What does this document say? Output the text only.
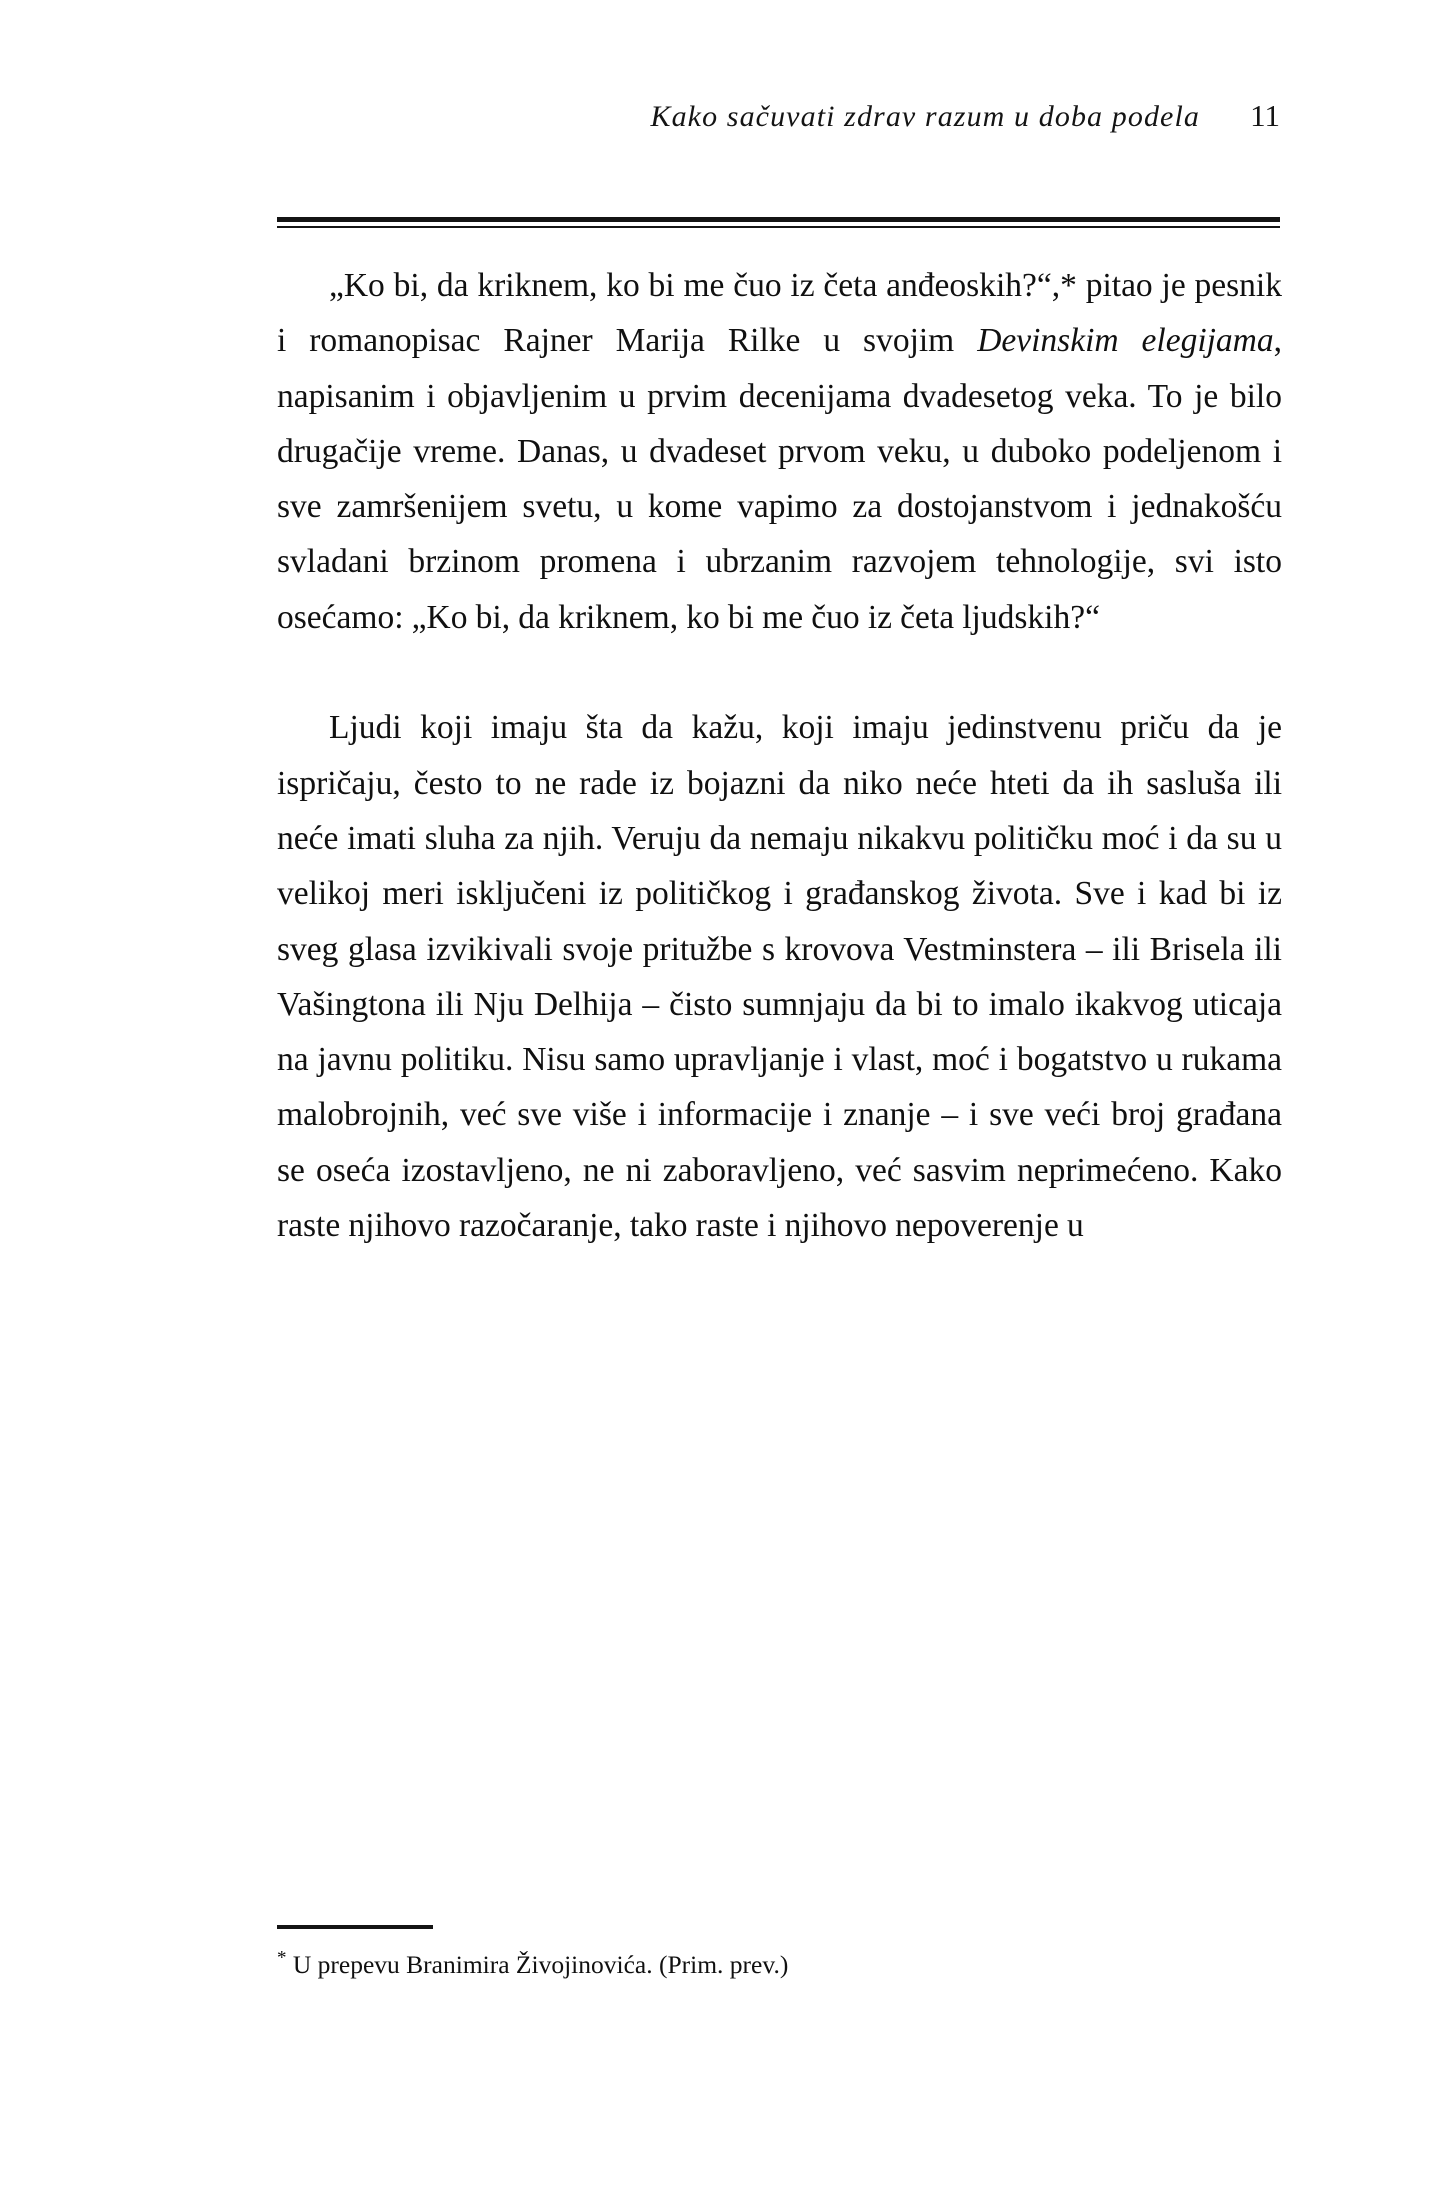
Kako sačuvati zdrav razum u doba podela 11

„Ko bi, da kriknem, ko bi me čuo iz četa anđeoskih?“,* pitao je pesnik i romanopisac Rajner Marija Rilke u svojim Devinskim elegijama, napisanim i objavljenim u prvim decenijama dvadesetog veka. To je bilo drugačije vreme. Danas, u dvadeset prvom veku, u duboko podeljenom i sve zamršenijem svetu, u kome vapimo za dostojanstvom i jednakošću svladani brzinom promena i ubrzanim razvojem tehnologije, svi isto osećamo: „Ko bi, da kriknem, ko bi me čuo iz četa ljudskih?“

Ljudi koji imaju šta da kažu, koji imaju jedinstvenu priču da je ispričaju, često to ne rade iz bojazni da niko neće hteti da ih sasluša ili neće imati sluha za njih. Veruju da nemaju nikakvu političku moć i da su u velikoj meri isključeni iz političkog i građanskog života. Sve i kad bi iz sveg glasa izvikivali svoje pritužbe s krovova Vestminstera – ili Brisela ili Vašingtona ili Nju Delhija – čisto sumnjaju da bi to imalo ikakvog uticaja na javnu politiku. Nisu samo upravljanje i vlast, moć i bogatstvo u rukama malobrojnih, već sve više i informacije i znanje – i sve veći broj građana se oseća izostavljeno, ne ni zaboravljeno, već sasvim neprimećeno. Kako raste njihovo razočaranje, tako raste i njihovo nepoverenje u

* U prepevu Branimira Živojinovića. (Prim. prev.)
